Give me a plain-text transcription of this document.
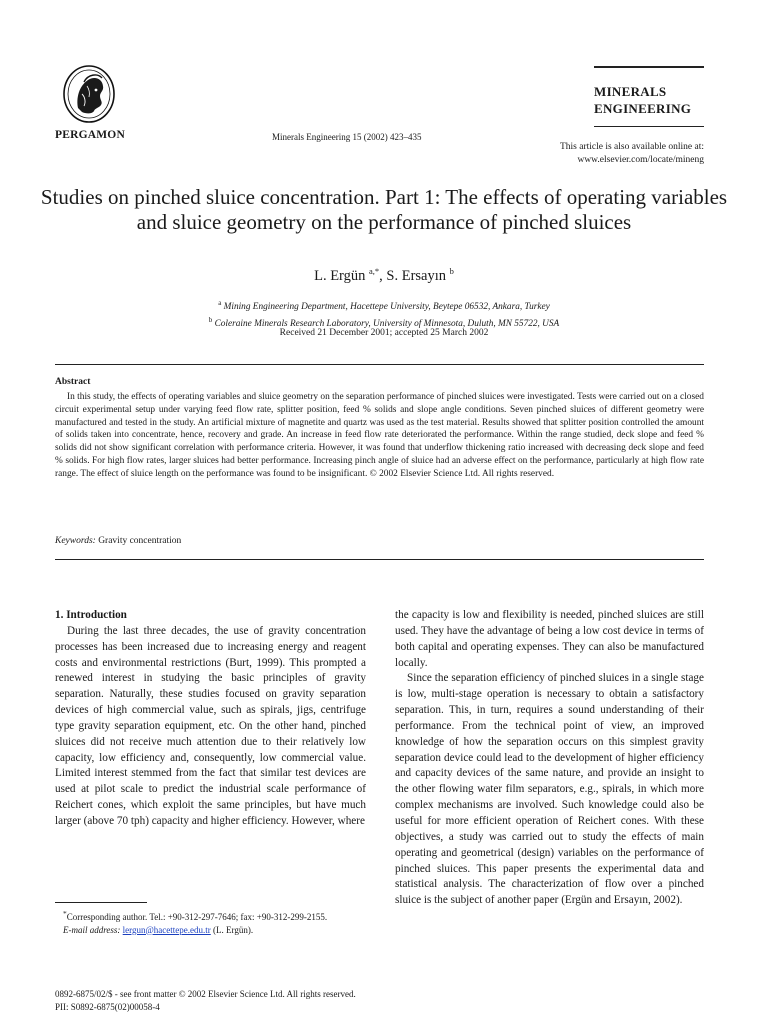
PERGAMON	Minerals Engineering 15 (2002) 423–435
MINERALS
ENGINEERING
This article is also available online at:
www.elsevier.com/locate/mineng
Studies on pinched sluice concentration. Part 1: The effects of operating variables and sluice geometry on the performance of pinched sluices
L. Ergün $^{a,*}$, S. Ersayın $^b$
$^a$ Mining Engineering Department, Hacettepe University, Beytepe 06532, Ankara, Turkey
$^b$ Coleraine Minerals Research Laboratory, University of Minnesota, Duluth, MN 55722, USA
Received 21 December 2001; accepted 25 March 2002
Abstract
In this study, the effects of operating variables and sluice geometry on the separation performance of pinched sluices were investigated. Tests were carried out on a closed circuit experimental setup under varying feed flow rate, splitter position, feed % solids and slope angle conditions. Seven pinched sluices of different geometry were manufactured and tested in the study. An artificial mixture of magnetite and quartz was used as the test material. Results showed that splitter position controlled the amount of solids taken into concentrate, hence, recovery and grade. An increase in feed flow rate deteriorated the performance. Within the range studied, deck slope and feed % solids did not show significant correlation with performance criteria. However, it was found that underflow thickening ratio increased with decreasing deck slope and feed % solids. For high flow rates, larger sluices had better performance. Increasing pinch angle of sluice had an adverse effect on the performance, particularly at high flow rate range. The effect of sluice length on the performance was found to be insignificant. © 2002 Elsevier Science Ltd. All rights reserved.
Keywords: Gravity concentration

1. Introduction

During the last three decades, the use of gravity concentration processes has been increased due to increasing energy and reagent costs and environmental restrictions (Burt, 1999). This prompted a renewed interest in studying the basic principles of gravity separation. Naturally, these studies focused on gravity separation devices of high commercial value, such as spirals, jigs, centrifuge type gravity separation equipment, etc. On the other hand, pinched sluices did not receive much attention due to their relatively low capacity, low efficiency and, consequently, low commercial value. Limited interest stemmed from the fact that similar test devices are used at pilot scale to predict the industrial scale performance of Reichert cones, which exploit the same principles, but have much larger (above 70 tph) capacity and higher efficiency. However, where

the capacity is low and flexibility is needed, pinched sluices are still used. They have the advantage of being a low cost device in terms of both capital and operating expenses. They can also be manufactured locally.

Since the separation efficiency of pinched sluices in a single stage is low, multi-stage operation is necessary to obtain a satisfactory separation. This, in turn, requires a sound understanding of their performance. From the technical point of view, an improved knowledge of how the separation occurs on this simplest gravity separation device could lead to the development of higher efficiency and capacity devices of the same nature, and provide an insight to the other flowing water film separators, e.g., spirals, in which more complex mechanisms are involved. Such knowledge could also be useful for more efficient operation of Reichert cones. With these objectives, a study was carried out to study the effects of main operating and geometrical (design) variables on the performance of pinched sluices. This paper presents the experimental data and statistical analysis. The characterization of flow over a pinched sluice is the subject of another paper (Ergün and Ersayın, 2002).

*Corresponding author. Tel.: +90-312-297-7646; fax: +90-312-299-2155.

E-mail address: lergun@hacettepe.edu.tr (L. Ergün).

0892-6875/02/$ - see front matter © 2002 Elsevier Science Ltd. All rights reserved.
PII: S0892-6875(02)00058-4
